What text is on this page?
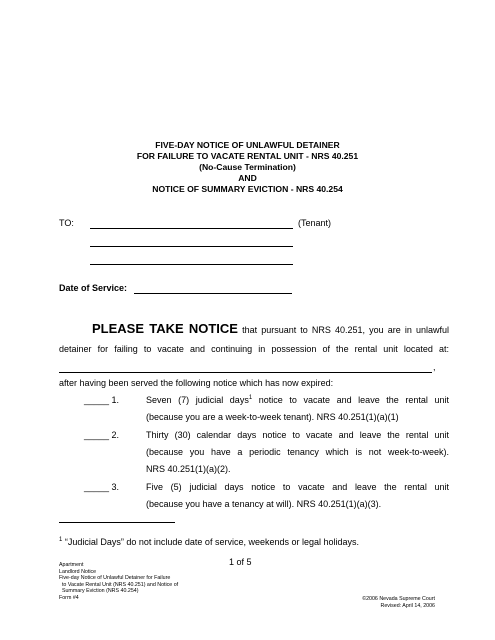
FIVE-DAY NOTICE OF UNLAWFUL DETAINER
FOR FAILURE TO VACATE RENTAL UNIT - NRS 40.251
(No-Cause Termination)
AND
NOTICE OF SUMMARY EVICTION - NRS 40.254
TO:	(Tenant)
Date of Service:
PLEASE TAKE NOTICE that pursuant to NRS 40.251, you are in unlawful
detainer for failing to vacate and continuing in possession of the rental unit located at:
,
after having been served the following notice which has now expired:
_____ 1.	Seven (7) judicial days$^1$ notice to vacate and leave the rental unit
(because you are a week-to-week tenant). NRS 40.251(1)(a)(1)
_____ 2.	Thirty (30) calendar days notice to vacate and leave the rental unit
(because you have a periodic tenancy which is not week-to-week).
NRS 40.251(1)(a)(2).
_____ 3.	Five (5) judicial days notice to vacate and leave the rental unit
(because you have a tenancy at will). NRS 40.251(1)(a)(3).
$^1$ “Judicial Days” do not include date of service, weekends or legal holidays.
Apartment
Landlord Notice
Five-day Notice of Unlawful Detainer for Failure
to Vacate Rental Unit (NRS 40.251) and Notice of
Summary Eviction (NRS 40.254)
Form #4
1 of 5
©2006 Nevada Supreme Court
Revised: April 14, 2006
